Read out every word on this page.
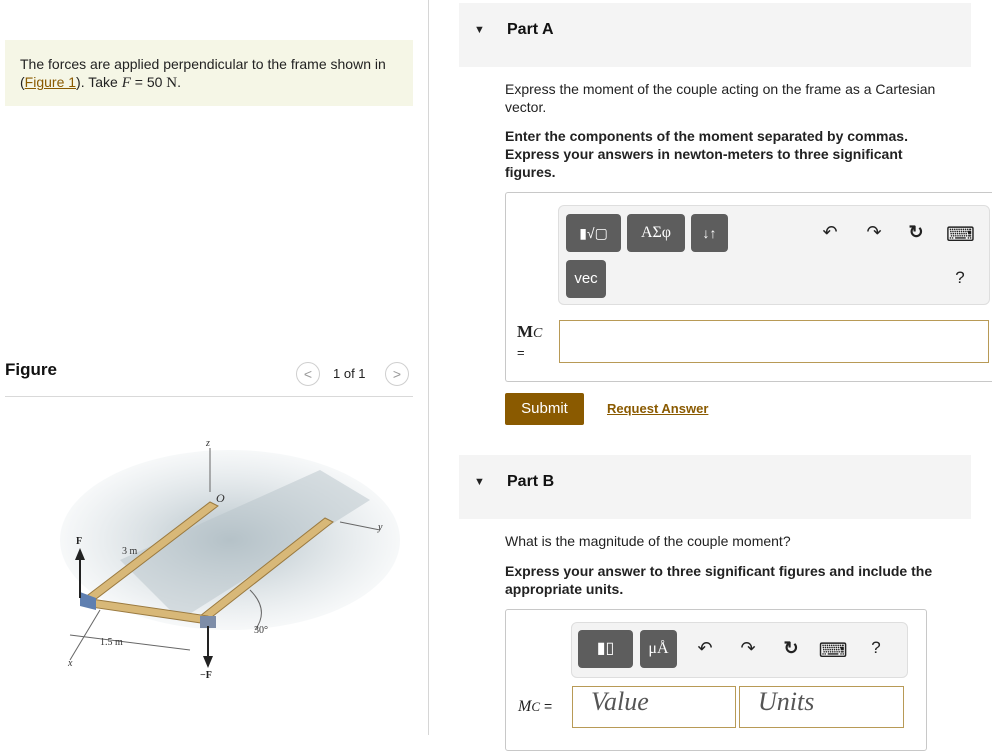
The forces are applied perpendicular to the frame shown in (Figure 1). Take F = 50 N.
Figure	<	1 of 1	>
z
O
y
x
F
−F
3 m
1.5 m
30°
▼ Part A
Express the moment of the couple acting on the frame as a Cartesian vector.
Enter the components of the moment separated by commas. Express your answers in newton-meters to three significant figures.
▮√▢	ΑΣφ	↓↑
vec
↶ ↷ ↻ ⌨
?
MC
=
Submit	Request Answer
▼ Part B
What is the magnitude of the couple moment?
Express your answer to three significant figures and include the appropriate units.
▮▯	μÅ	↶ ↷ ↻ ⌨	?
MC =	Value	Units
